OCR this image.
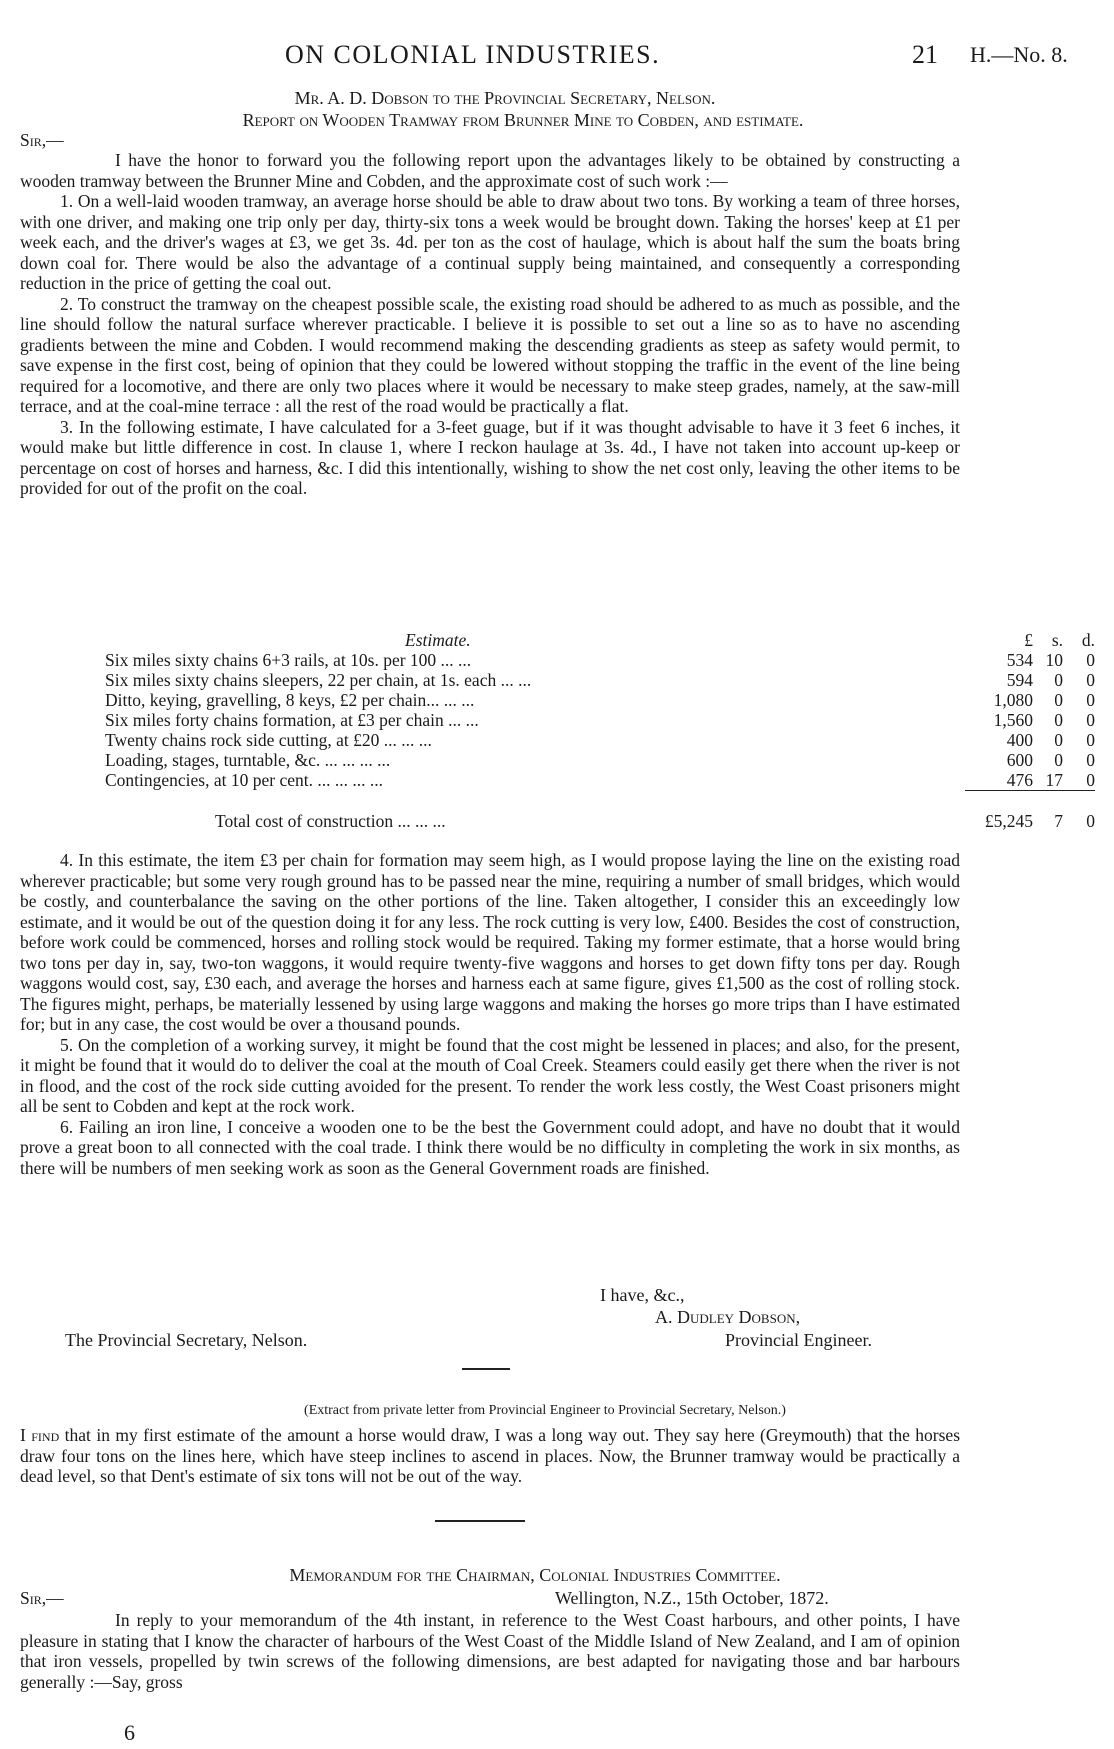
ON COLONIAL INDUSTRIES.	21 H.—No. 8.
Mr. A. D. Dobson to the Provincial Secretary, Nelson.
Report on Wooden Tramway from Brunner Mine to Cobden, and estimate.
Sir,—

I have the honor to forward you the following report upon the advantages likely to be obtained by constructing a wooden tramway between the Brunner Mine and Cobden, and the approximate cost of such work :—

1. On a well-laid wooden tramway, an average horse should be able to draw about two tons. By working a team of three horses, with one driver, and making one trip only per day, thirty-six tons a week would be brought down. Taking the horses' keep at £1 per week each, and the driver's wages at £3, we get 3s. 4d. per ton as the cost of haulage, which is about half the sum the boats bring down coal for. There would be also the advantage of a continual supply being maintained, and consequently a corresponding reduction in the price of getting the coal out.

2. To construct the tramway on the cheapest possible scale, the existing road should be adhered to as much as possible, and the line should follow the natural surface wherever practicable. I believe it is possible to set out a line so as to have no ascending gradients between the mine and Cobden. I would recommend making the descending gradients as steep as safety would permit, to save expense in the first cost, being of opinion that they could be lowered without stopping the traffic in the event of the line being required for a locomotive, and there are only two places where it would be necessary to make steep grades, namely, at the saw-mill terrace, and at the coal-mine terrace : all the rest of the road would be practically a flat.

3. In the following estimate, I have calculated for a 3-feet guage, but if it was thought advisable to have it 3 feet 6 inches, it would make but little difference in cost. In clause 1, where I reckon haulage at 3s. 4d., I have not taken into account up-keep or percentage on cost of horses and harness, &c. I did this intentionally, wishing to show the net cost only, leaving the other items to be provided for out of the profit on the coal.

Estimate.	£	s.	d.
Six miles sixty chains 6+3 rails, at 10s. per 100 ... ...	534	10	0
Six miles sixty chains sleepers, 22 per chain, at 1s. each ... ...	594	0	0
Ditto, keying, gravelling, 8 keys, £2 per chain... ... ...	1,080	0	0
Six miles forty chains formation, at £3 per chain ... ...	1,560	0	0
Twenty chains rock side cutting, at £20 ... ... ...	400	0	0
Loading, stages, turntable, &c. ... ... ... ...	600	0	0
Contingencies, at 10 per cent. ... ... ... ...	476	17	0

Total cost of construction ... ... ...	£5,245	7	0

4. In this estimate, the item £3 per chain for formation may seem high, as I would propose laying the line on the existing road wherever practicable; but some very rough ground has to be passed near the mine, requiring a number of small bridges, which would be costly, and counterbalance the saving on the other portions of the line. Taken altogether, I consider this an exceedingly low estimate, and it would be out of the question doing it for any less. The rock cutting is very low, £400. Besides the cost of construction, before work could be commenced, horses and rolling stock would be required. Taking my former estimate, that a horse would bring two tons per day in, say, two-ton waggons, it would require twenty-five waggons and horses to get down fifty tons per day. Rough waggons would cost, say, £30 each, and average the horses and harness each at same figure, gives £1,500 as the cost of rolling stock. The figures might, perhaps, be materially lessened by using large waggons and making the horses go more trips than I have estimated for; but in any case, the cost would be over a thousand pounds.

5. On the completion of a working survey, it might be found that the cost might be lessened in places; and also, for the present, it might be found that it would do to deliver the coal at the mouth of Coal Creek. Steamers could easily get there when the river is not in flood, and the cost of the rock side cutting avoided for the present. To render the work less costly, the West Coast prisoners might all be sent to Cobden and kept at the rock work.

6. Failing an iron line, I conceive a wooden one to be the best the Government could adopt, and have no doubt that it would prove a great boon to all connected with the coal trade. I think there would be no difficulty in completing the work in six months, as there will be numbers of men seeking work as soon as the General Government roads are finished.

I have, &c.,
A. Dudley Dobson,
The Provincial Secretary, Nelson.	Provincial Engineer.
(Extract from private letter from Provincial Engineer to Provincial Secretary, Nelson.)

I find that in my first estimate of the amount a horse would draw, I was a long way out. They say here (Greymouth) that the horses draw four tons on the lines here, which have steep inclines to ascend in places. Now, the Brunner tramway would be practically a dead level, so that Dent's estimate of six tons will not be out of the way.

Memorandum for the Chairman, Colonial Industries Committee.
Sir,—	Wellington, N.Z., 15th October, 1872.

In reply to your memorandum of the 4th instant, in reference to the West Coast harbours, and other points, I have pleasure in stating that I know the character of harbours of the West Coast of the Middle Island of New Zealand, and I am of opinion that iron vessels, propelled by twin screws of the following dimensions, are best adapted for navigating those and bar harbours generally :—Say, gross

6
